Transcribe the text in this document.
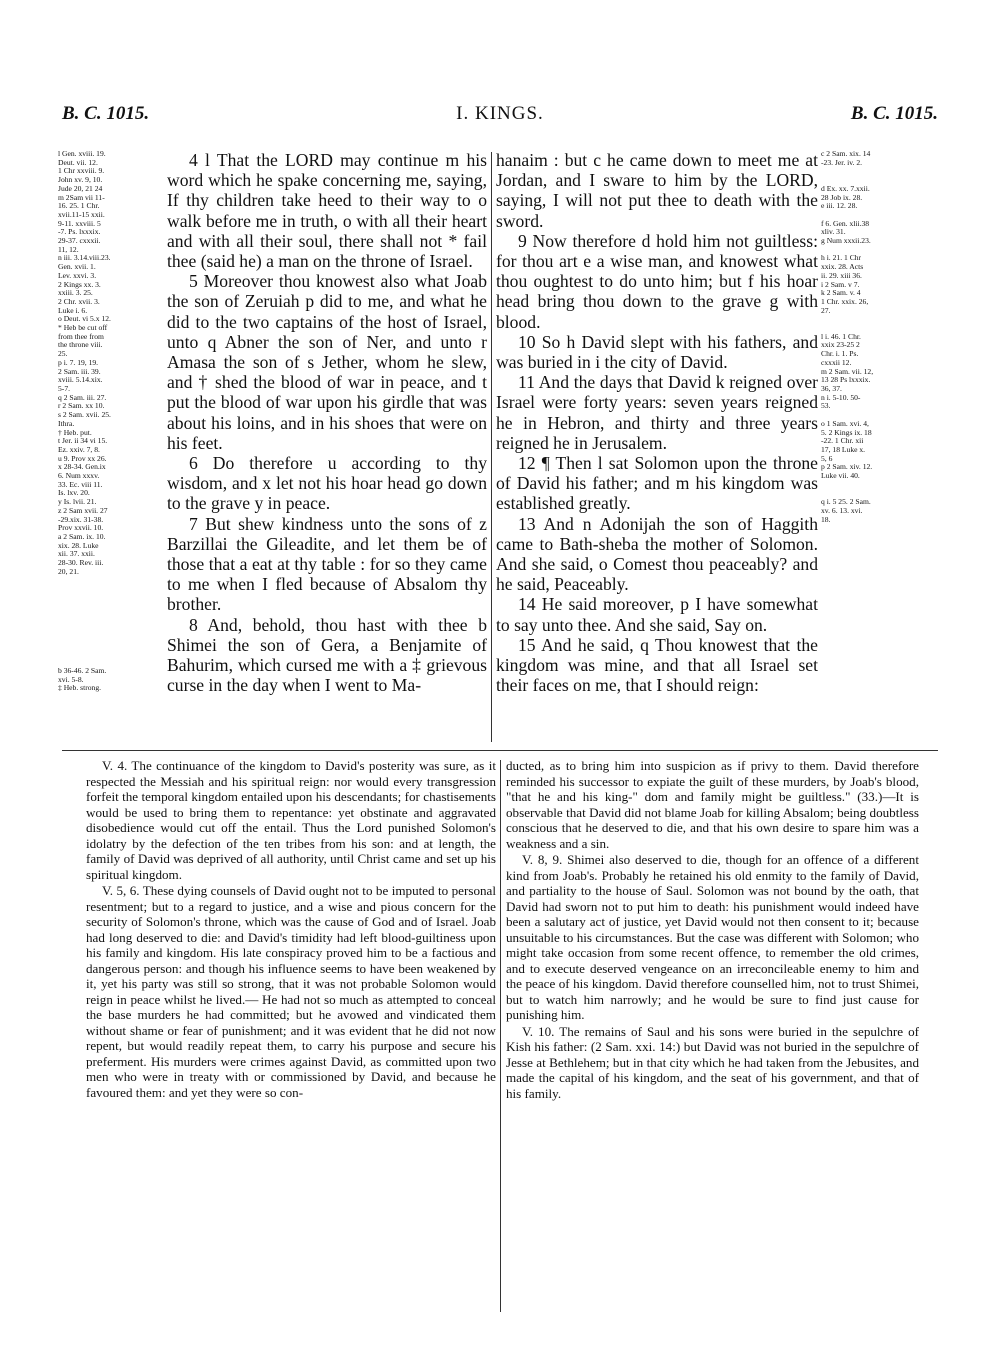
B. C. 1015.	I. KINGS.	B. C. 1015.
l Gen. xviii. 19.
Deut. vii. 12.
1 Chr xxviii. 9.
John xv. 9, 10.
Jude 20, 21 24
m 2Sam vii 11-
16. 25. 1 Chr.
xvii.11-15 xxii.
9-11. xxviii. 5
-7. Ps. lxxxix.
29-37. cxxxii.
11, 12.
n iii. 3.14.viii.23.
Gen. xvii. 1.
Lev. xxvi. 3.
2 Kings xx. 3.
xxiii. 3. 25.
2 Chr. xvii. 3.
Luke i. 6.
o Deut. vi 5.x 12.
* Heb be cut off
from thee from
the throne viii.
25.
p i. 7. 19, 19.
2 Sam. iii. 39.
xviii. 5.14.xix.
5-7.
q 2 Sam. iii. 27.
r 2 Sam. xx 10.
s 2 Sam. xvii. 25.
Ithra.
† Heb. put.
t Jer. ii 34 vi 15.
Ez. xxiv. 7, 8.
u 9. Prov xx 26.
x 28-34. Gen.ix
6. Num xxxv.
33. Ec. viii 11.
Is. lxv. 20.
y Is. lvii. 21.
z 2 Sam xvii. 27
-29.xix. 31-38.
Prov xxvii. 10.
a 2 Sam. ix. 10.
xix. 28. Luke
xii. 37. xxii.
28-30. Rev. iii.
20, 21.
b 36-46. 2 Sam.
xvi. 5-8.
‡ Heb. strong.

4 l That the LORD may continue m his word which he spake concerning me, saying, If thy children take heed to their way to o walk before me in truth, o with all their heart and with all their soul, there shall not * fail thee (said he) a man on the throne of Israel.

5 Moreover thou knowest also what Joab the son of Zeruiah p did to me, and what he did to the two captains of the host of Israel, unto q Abner the son of Ner, and unto r Amasa the son of s Jether, whom he slew, and † shed the blood of war in peace, and t put the blood of war upon his girdle that was about his loins, and in his shoes that were on his feet.

6 Do therefore u according to thy wisdom, and x let not his hoar head go down to the grave y in peace.

7 But shew kindness unto the sons of z Barzillai the Gileadite, and let them be of those that a eat at thy table : for so they came to me when I fled because of Absalom thy brother.

8 And, behold, thou hast with thee b Shimei the son of Gera, a Benjamite of Bahurim, which cursed me with a ‡ grievous curse in the day when I went to Ma-

hanaim : but c he came down to meet me at Jordan, and I sware to him by the LORD, saying, I will not put thee to death with the sword.

9 Now therefore d hold him not guiltless: for thou art e a wise man, and knowest what thou oughtest to do unto him; but f his hoar head bring thou down to the grave g with blood.

10 So h David slept with his fathers, and was buried in i the city of David.

11 And the days that David k reigned over Israel were forty years: seven years reigned he in Hebron, and thirty and three years reigned he in Jerusalem.

12 ¶ Then l sat Solomon upon the throne of David his father; and m his kingdom was established greatly.

13 And n Adonijah the son of Haggith came to Bath-sheba the mother of Solomon. And she said, o Comest thou peaceably? and he said, Peaceably.

14 He said moreover, p I have somewhat to say unto thee. And she said, Say on.

15 And he said, q Thou knowest that the kingdom was mine, and that all Israel set their faces on me, that I should reign:

c 2 Sam. xix. 14
-23. Jer. iv. 2.

d Ex. xx. 7.xxii.
28 Job ix. 28.
e iii. 12. 28.

f 6. Gen. xlii.38
xliv. 31.
g Num xxxii.23.

h i. 21. 1 Chr
xxix. 28. Acts
ii. 29. xiii 36.
i 2 Sam. v 7.
k 2 Sam. v. 4
1 Chr. xxix. 26,
27.

l i. 46. 1 Chr.
xxix 23-25 2
Chr. i. 1. Ps.
cxxxii 12.
m 2 Sam. vii. 12,
13 28 Ps lxxxix.
36, 37.
n i. 5-10. 50-
53.

o 1 Sam. xvi. 4,
5. 2 Kings ix. 18
-22. 1 Chr. xii
17, 18 Luke x.
5, 6
p 2 Sam. xiv. 12.
Luke vii. 40.

q i. 5 25. 2 Sam.
xv. 6. 13. xvi.
18.

V. 4. The continuance of the kingdom to David's posterity was sure, as it respected the Messiah and his spiritual reign: nor would every transgression forfeit the temporal kingdom entailed upon his descendants; for chastisements would be used to bring them to repentance: yet obstinate and aggravated disobedience would cut off the entail. Thus the Lord punished Solomon's idolatry by the defection of the ten tribes from his son: and at length, the family of David was deprived of all authority, until Christ came and set up his spiritual kingdom.

V. 5, 6. These dying counsels of David ought not to be imputed to personal resentment; but to a regard to justice, and a wise and pious concern for the security of Solomon's throne, which was the cause of God and of Israel. Joab had long deserved to die: and David's timidity had left blood-guiltiness upon his family and kingdom. His late conspiracy proved him to be a factious and dangerous person: and though his influence seems to have been weakened by it, yet his party was still so strong, that it was not probable Solomon would reign in peace whilst he lived.— He had not so much as attempted to conceal the base murders he had committed; but he avowed and vindicated them without shame or fear of punishment; and it was evident that he did not now repent, but would readily repeat them, to carry his purpose and secure his preferment. His murders were crimes against David, as committed upon two men who were in treaty with or commissioned by David, and because he favoured them: and yet they were so con-

ducted, as to bring him into suspicion as if privy to them. David therefore reminded his successor to expiate the guilt of these murders, by Joab's blood, "that he and his king-" dom and family might be guiltless." (33.)—It is observable that David did not blame Joab for killing Absalom; being doubtless conscious that he deserved to die, and that his own desire to spare him was a weakness and a sin.

V. 8, 9. Shimei also deserved to die, though for an offence of a different kind from Joab's. Probably he retained his old enmity to the family of David, and partiality to the house of Saul. Solomon was not bound by the oath, that David had sworn not to put him to death: his punishment would indeed have been a salutary act of justice, yet David would not then consent to it; because unsuitable to his circumstances. But the case was different with Solomon; who might take occasion from some recent offence, to remember the old crimes, and to execute deserved vengeance on an irreconcileable enemy to him and the peace of his kingdom. David therefore counselled him, not to trust Shimei, but to watch him narrowly; and he would be sure to find just cause for punishing him.

V. 10. The remains of Saul and his sons were buried in the sepulchre of Kish his father: (2 Sam. xxi. 14:) but David was not buried in the sepulchre of Jesse at Bethlehem; but in that city which he had taken from the Jebusites, and made the capital of his kingdom, and the seat of his government, and that of his family.
